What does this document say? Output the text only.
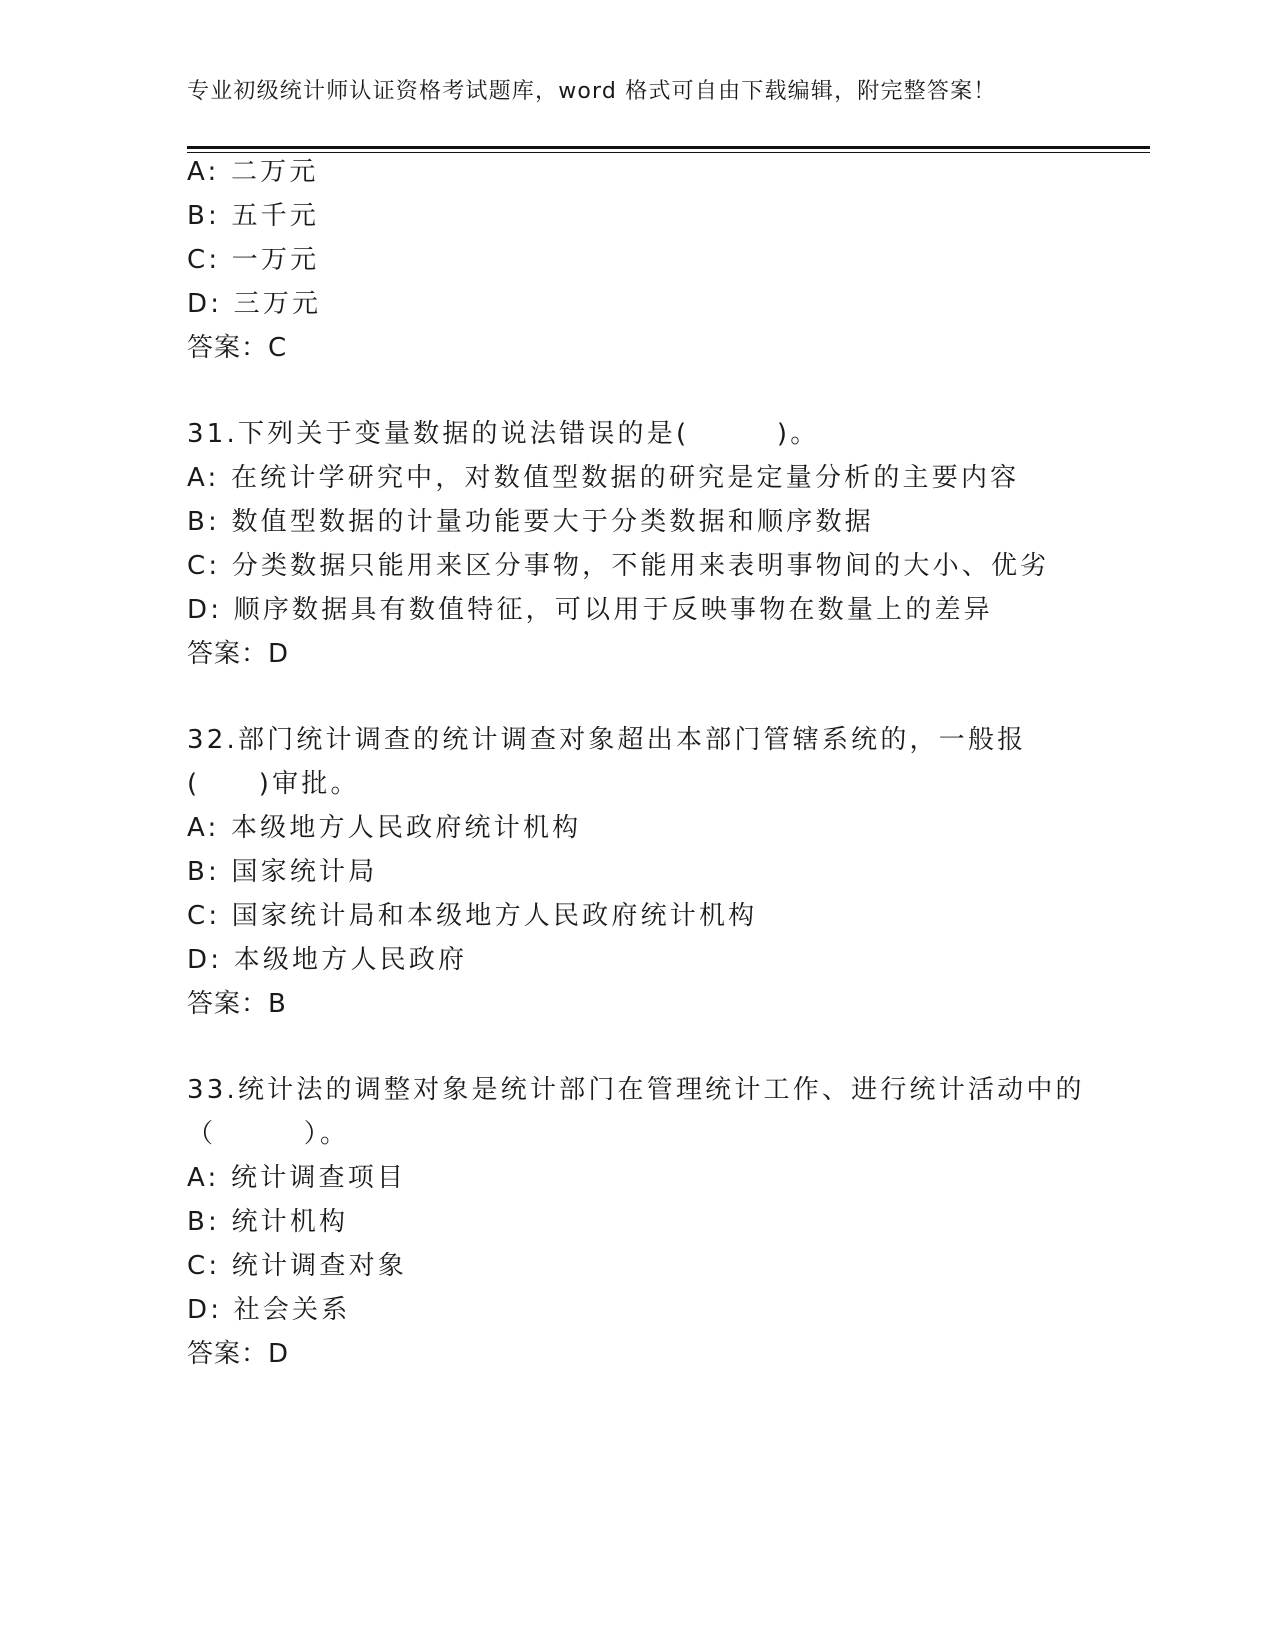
专业初级统计师认证资格考试题库，word 格式可自由下载编辑，附完整答案！
A: 二万元
B: 五千元
C: 一万元
D: 三万元
答案：C
31.下列关于变量数据的说法错误的是(　　　)。
A: 在统计学研究中，对数值型数据的研究是定量分析的主要内容
B: 数值型数据的计量功能要大于分类数据和顺序数据
C: 分类数据只能用来区分事物，不能用来表明事物间的大小、优劣
D: 顺序数据具有数值特征，可以用于反映事物在数量上的差异
答案：D
32.部门统计调查的统计调查对象超出本部门管辖系统的，一般报
(　　)审批。
A: 本级地方人民政府统计机构
B: 国家统计局
C: 国家统计局和本级地方人民政府统计机构
D: 本级地方人民政府
答案：B
33.统计法的调整对象是统计部门在管理统计工作、进行统计活动中的
（　　　）。
A: 统计调查项目
B: 统计机构
C: 统计调查对象
D: 社会关系
答案：D
